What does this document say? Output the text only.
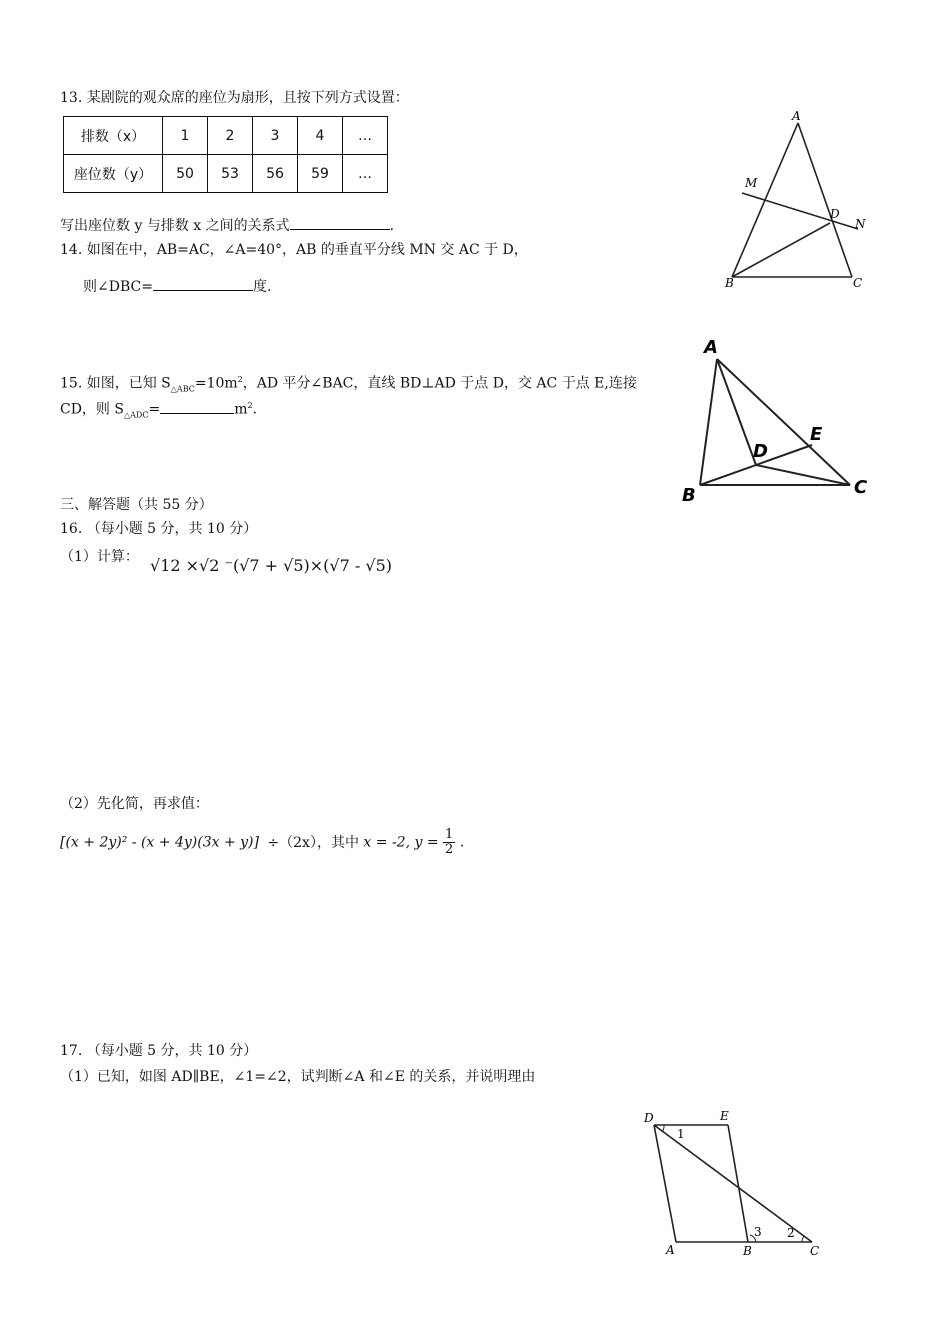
13. 某剧院的观众席的座位为扇形，且按下列方式设置：
排数（x）	1	2	3	4	…
座位数（y）	50	53	56	59	…
写出座位数 y 与排数 x 之间的关系式	.
14. 如图在中，AB=AC，∠A=40°，AB 的垂直平分线 MN 交 AC 于 D，
则∠DBC=	度.
A
M
D
N
B	C
15. 如图，已知 $S_{\triangle ABC}=10m^2$，AD 平分∠BAC，直线 BD⊥AD 于点 D，交 AC 于点 E,连接
CD，则 $S_{\triangle ADC}=$	$m^2$.
A
B	C
D
E
三、解答题（共 55 分）
16. （每小题 5 分，共 10 分）
（1）计算： √12 ×√2 ⁻(√7 + √5)×(√7 - √5)
（2）先化简，再求值：
[(x + 2y)² - (x + 4y)(3x + y)] ÷（2x），其中 x = -2, $y = \frac{1}{2}$ .
17. （每小题 5 分，共 10 分）
（1）已知，如图 AD∥BE，∠1=∠2，试判断∠A 和∠E 的关系，并说明理由
D	E
A	B	C
1
2
3
